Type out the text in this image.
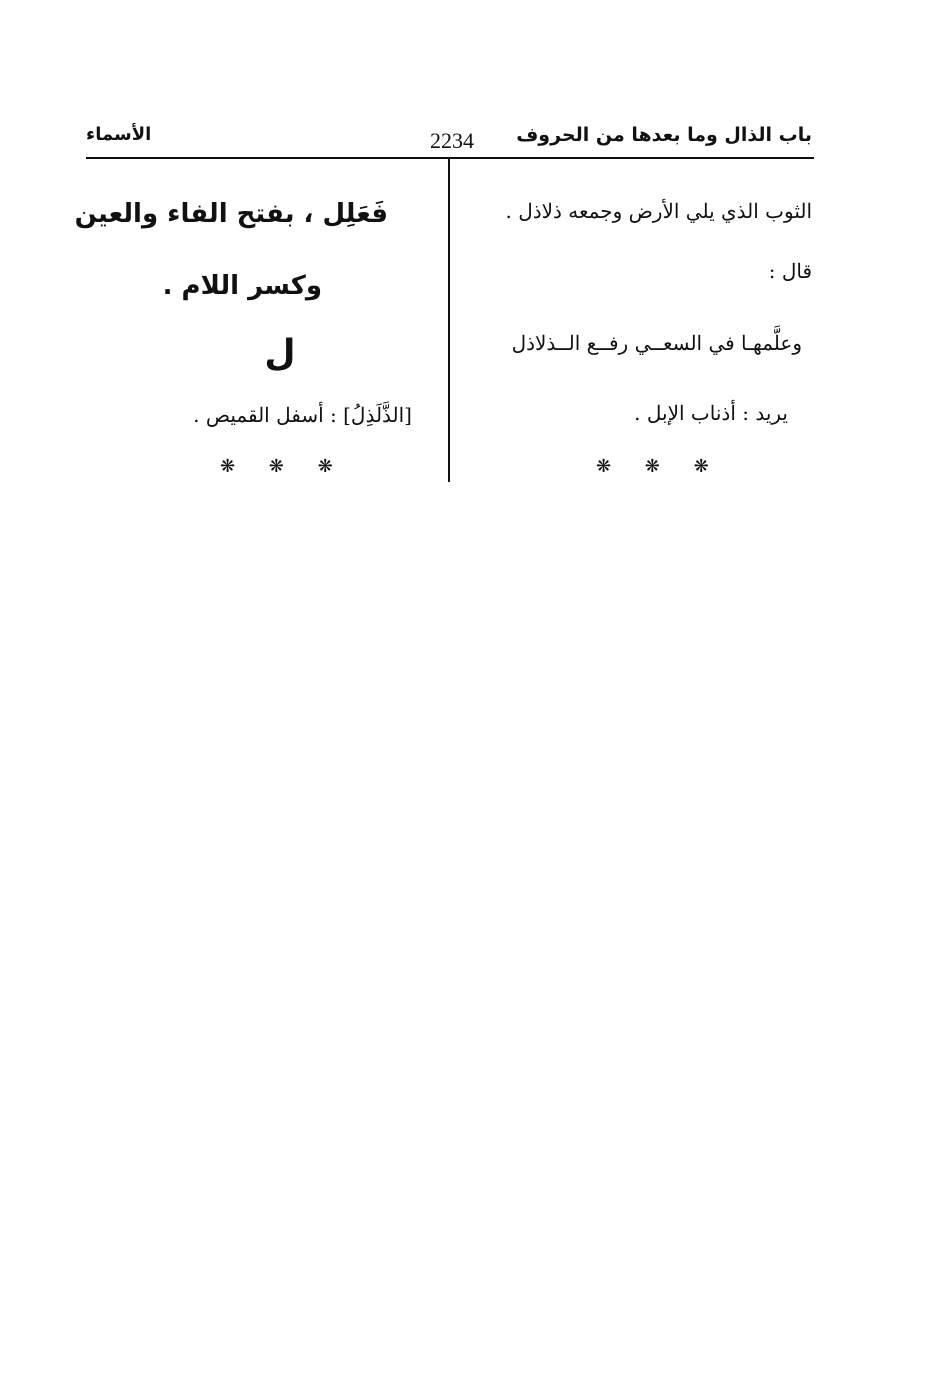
باب الذال وما بعدها من الحروف
2234
الأسماء
الثوب الذي يلي الأرض وجمعه ذلاذل .
قال :
وعلَّمهـا في السعــي رفــع الــذلاذل
يريد : أذناب الإبل .
❋ ❋ ❋
فَعَلِل ، بفتح الفاء والعين
وكسر اللام .
ل
[الذَّلَذِلُ] : أسفل القميص .
❋ ❋ ❋
